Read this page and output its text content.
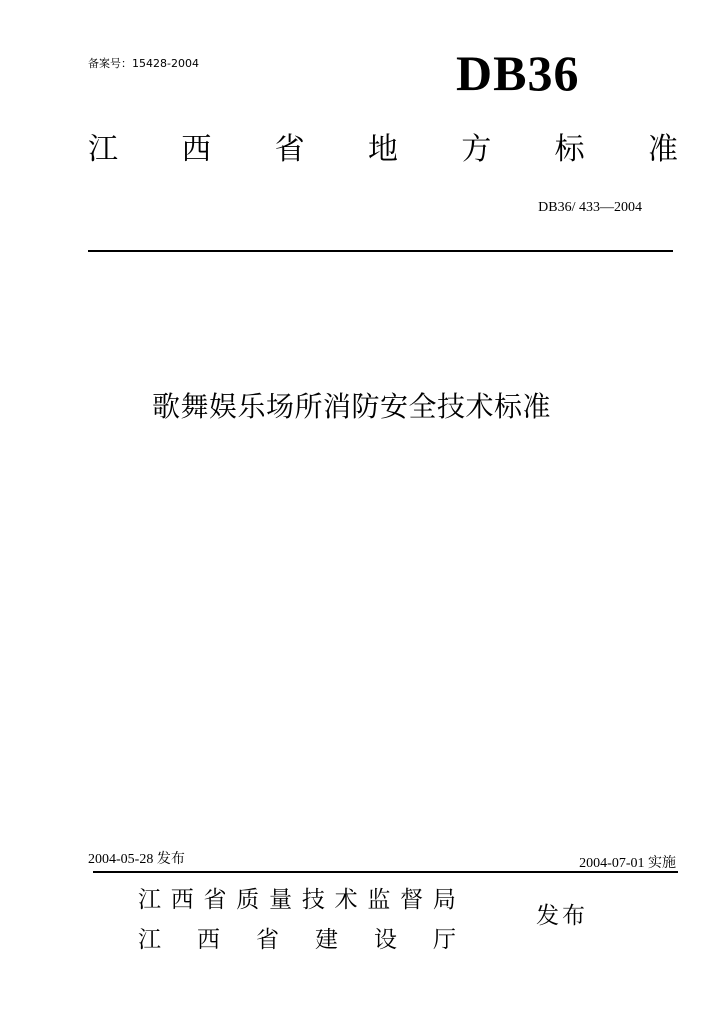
备案号：15428-2004	DB36
江 西 省 地 方 标 准
DB36/ 433—2004
歌舞娱乐场所消防安全技术标准
2004-05-28 发布	2004-07-01 实施
江 西 省 质 量 技 术 监 督 局
江 西 省 建 设 厅
发布
